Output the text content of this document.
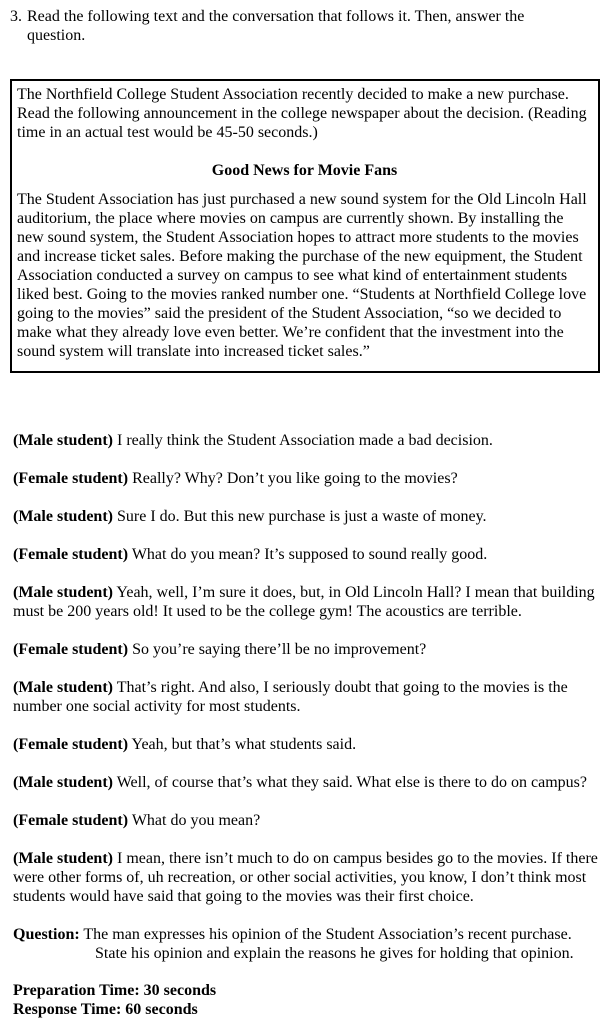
3. Read the following text and the conversation that follows it. Then, answer the question.

The Northfield College Student Association recently decided to make a new purchase. Read the following announcement in the college newspaper about the decision. (Reading time in an actual test would be 45-50 seconds.)

Good News for Movie Fans

The Student Association has just purchased a new sound system for the Old Lincoln Hall auditorium, the place where movies on campus are currently shown. By installing the new sound system, the Student Association hopes to attract more students to the movies and increase ticket sales. Before making the purchase of the new equipment, the Student Association conducted a survey on campus to see what kind of entertainment students liked best. Going to the movies ranked number one. “Students at Northfield College love going to the movies” said the president of the Student Association, “so we decided to make what they already love even better. We’re confident that the investment into the sound system will translate into increased ticket sales.”

(Male student) I really think the Student Association made a bad decision.

(Female student) Really? Why? Don’t you like going to the movies?

(Male student) Sure I do. But this new purchase is just a waste of money.

(Female student) What do you mean? It’s supposed to sound really good.

(Male student) Yeah, well, I’m sure it does, but, in Old Lincoln Hall? I mean that building must be 200 years old! It used to be the college gym! The acoustics are terrible.

(Female student) So you’re saying there’ll be no improvement?

(Male student) That’s right. And also, I seriously doubt that going to the movies is the number one social activity for most students.

(Female student) Yeah, but that’s what students said.

(Male student) Well, of course that’s what they said. What else is there to do on campus?

(Female student) What do you mean?

(Male student) I mean, there isn’t much to do on campus besides go to the movies. If there were other forms of, uh recreation, or other social activities, you know, I don’t think most students would have said that going to the movies was their first choice.

Question: The man expresses his opinion of the Student Association’s recent purchase.

State his opinion and explain the reasons he gives for holding that opinion.

Preparation Time: 30 seconds

Response Time: 60 seconds
